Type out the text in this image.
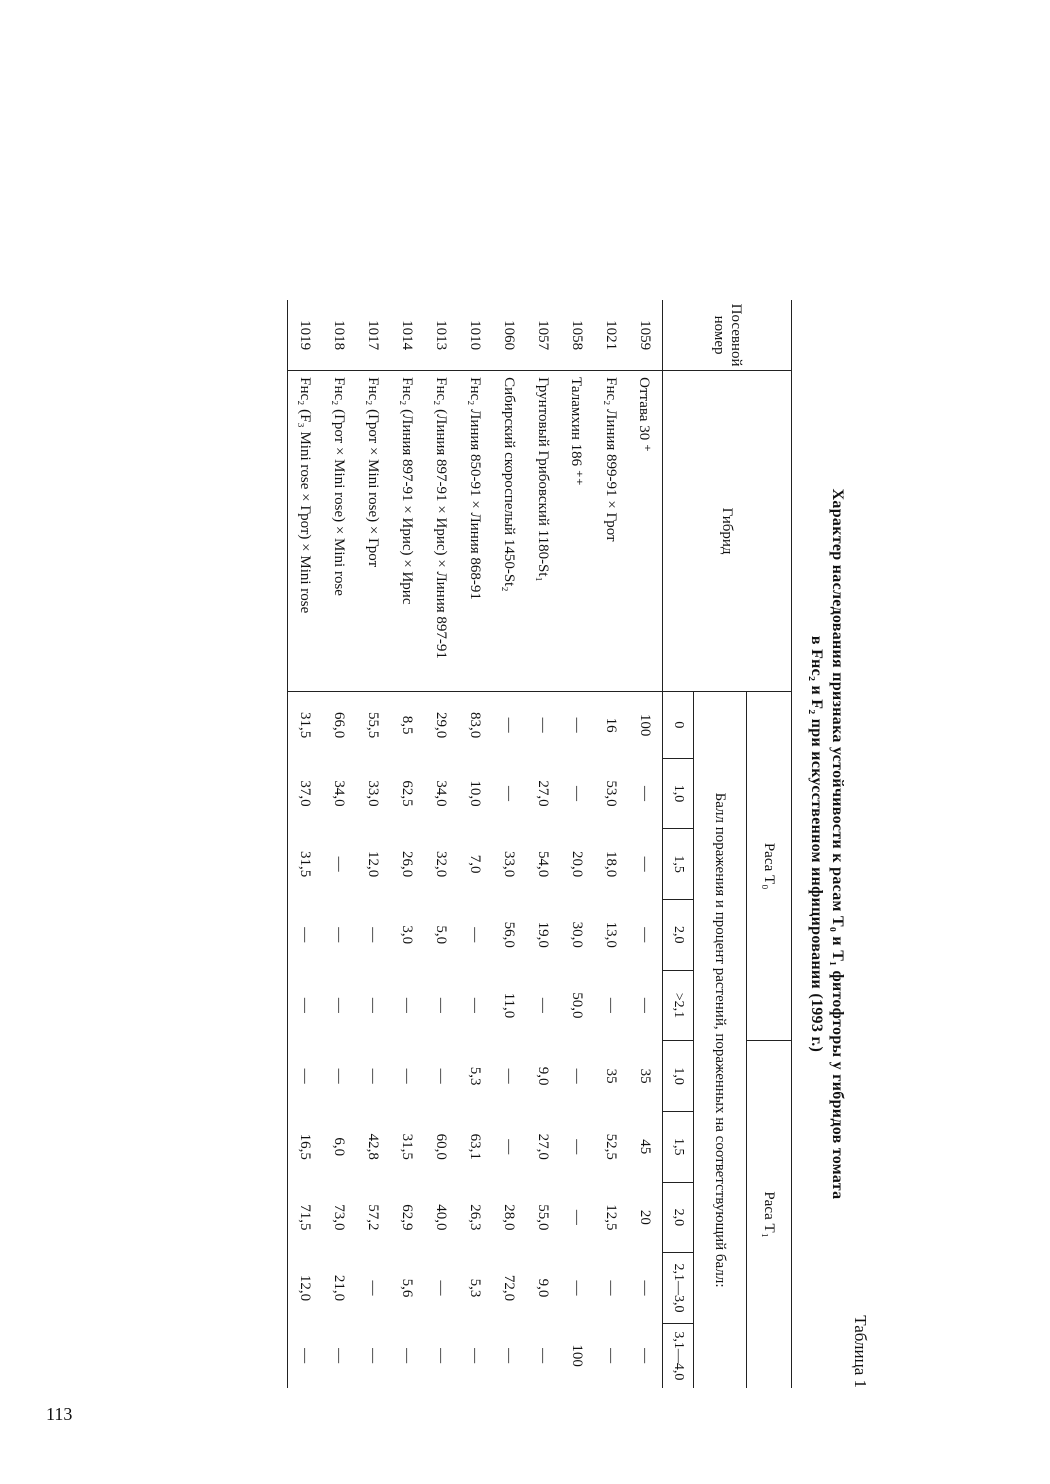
Таблица 1
Характер наследования признака устойчивости к расам T₀ и T₁ фитофторы у гибридов томата
в Fнс₂ и F₂ при искусственном инфицировании (1993 г.)
Посевной номер	Гибрид	Раса T₀					Раса T₁				
		Балл поражения и процент растений, пораженных на соответствующий балл:									
		0	1,0	1,5	2,0	>2,1	1,0	1,5	2,0	2,1—3,0	3,1—4,0
1059	Оттава 30 ⁺	100	—	—	—	—	35	45	20	—	—
1021	Fнс₂ Линия 899-91 × Грот	16	53,0	18,0	13,0	—	35	52,5	12,5	—	—
1058	Таламхин 186 ⁺⁺	—	—	20,0	30,0	50,0	—	—	—	—	100
1057	Грунтовый Грибовский 1180-St₁	—	27,0	54,0	19,0	—	9,0	27,0	55,0	9,0	—
1060	Сибирский скороспелый 1450-St₂	—	—	33,0	56,0	11,0	—	—	28,0	72,0	—
1010	Fнс₂ Линия 850-91 × Линия 868-91	83,0	10,0	7,0	—	—	5,3	63,1	26,3	5,3	—
1013	Fнс₂ (Линия 897-91 × Ирис) × Линия 897-91	29,0	34,0	32,0	5,0	—	—	60,0	40,0	—	—
1014	Fнс₂ (Линия 897-91 × Ирис) × Ирис	8,5	62,5	26,0	3,0	—	—	31,5	62,9	5,6	—
1017	Fнс₂ (Грот × Mini rose) × Грот	55,5	33,0	12,0	—	—	—	42,8	57,2	—	—
1018	Fнс₂ (Грот × Mini rose) × Mini rose	66,0	34,0	—	—	—	—	6,0	73,0	21,0	—
1019	Fнс₂ (F₃ Mini rose × Грот) × Mini rose	31,5	37,0	31,5	—	—	—	16,5	71,5	12,0	—
113
